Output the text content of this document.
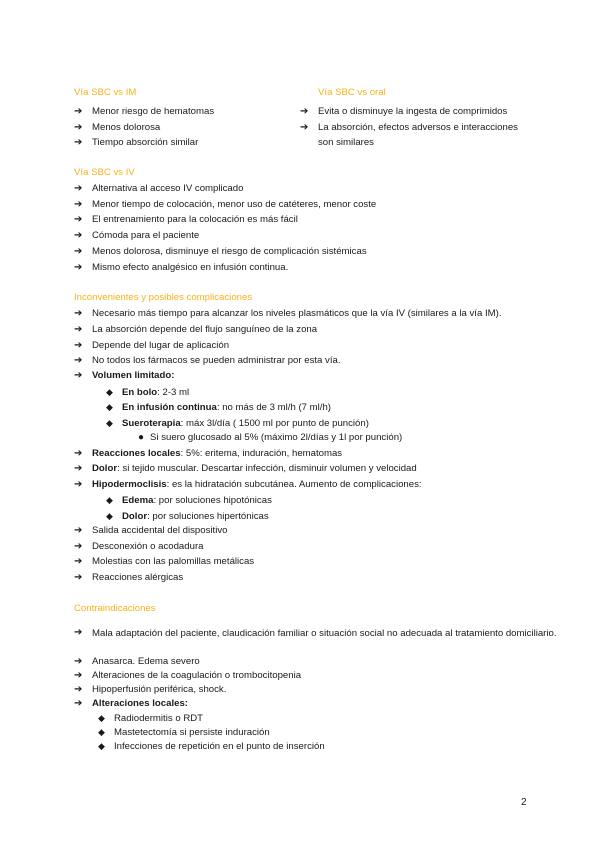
Vía SBC vs IM
➔ Menor riesgo de hematomas
➔ Menos dolorosa
➔ Tiempo absorción similar
Vía SBC vs oral
➔ Evita o disminuye la ingesta de comprimidos
➔ La absorción, efectos adversos e interacciones
son similares
Vía SBC vs IV
➔ Alternativa al acceso IV complicado
➔ Menor tiempo de colocación, menor uso de catéteres, menor coste
➔ El entrenamiento para la colocación es más fácil
➔ Cómoda para el paciente
➔ Menos dolorosa, disminuye el riesgo de complicación sistémicas
➔ Mismo efecto analgésico en infusión continua.
Inconvenientes y posibles complicaciones
➔ Necesario más tiempo para alcanzar los niveles plasmáticos que la vía IV (similares a la vía IM).
➔ La absorción depende del flujo sanguíneo de la zona
➔ Depende del lugar de aplicación
➔ No todos los fármacos se pueden administrar por esta vía.
➔ Volumen limitado:
◆ En bolo: 2-3 ml
◆ En infusión continua: no más de 3 ml/h (7 ml/h)
◆ Sueroterapia: máx 3l/día ( 1500 ml por punto de punción)
● Si suero glucosado al 5% (máximo 2l/días y 1l por punción)
➔ Reacciones locales: 5%: eritema, induración, hematomas
➔ Dolor: si tejido muscular. Descartar infección, disminuir volumen y velocidad
➔ Hipodermoclisis: es la hidratación subcutánea. Aumento de complicaciones:
◆ Edema: por soluciones hipotónicas
◆ Dolor: por soluciones hipertónicas
➔ Salida accidental del dispositivo
➔ Desconexión o acodadura
➔ Molestias con las palomillas metálicas
➔ Reacciones alérgicas
Contraindicaciones
➔	Mala adaptación del paciente, claudicación familiar o situación social no adecuada al tratamiento domiciliario.
➔ Anasarca. Edema severo
➔ Alteraciones de la coagulación o trombocitopenia
➔ Hipoperfusión periférica, shock.
➔ Alteraciones locales:
◆ Radiodermitis o RDT
◆ Mastetectomía si persiste induración
◆ Infecciones de repetición en el punto de inserción
2
